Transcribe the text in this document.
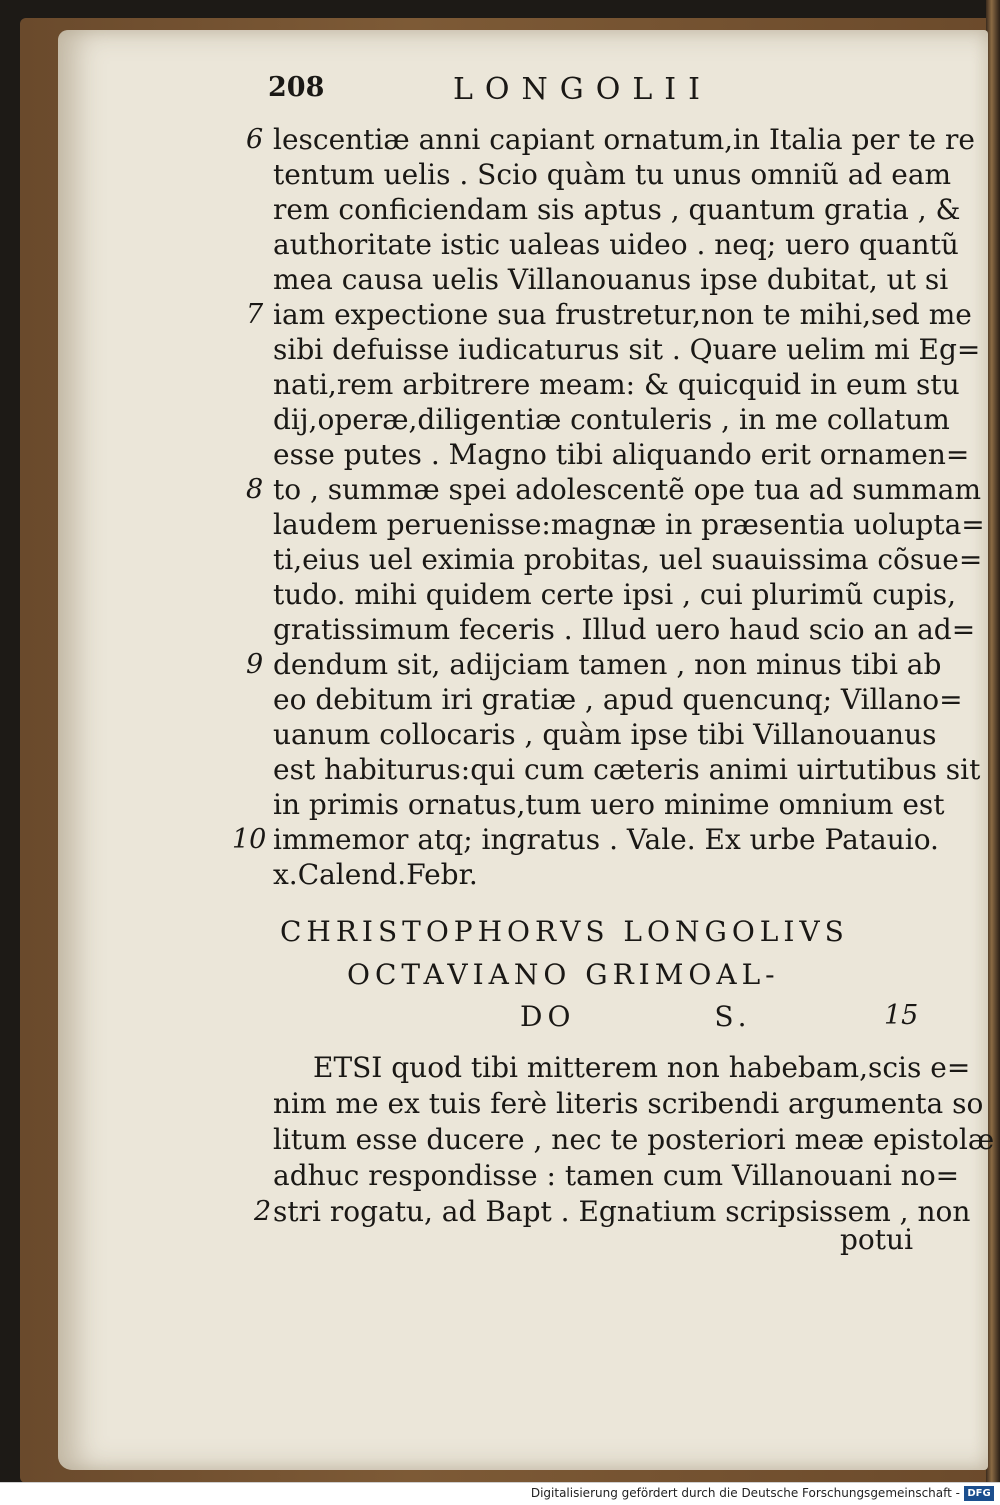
208	LONGOLII
lescentiæ anni capiant ornatum,in Italia per te re
tentum uelis . Scio quàm tu unus omniũ ad eam
rem conficiendam sis aptus , quantum gratia , &
authoritate istic ualeas uideo . neq; uero quantũ
mea causa uelis Villanouanus ipse dubitat, ut si
iam expectione sua frustretur,non te mihi,sed me
sibi defuisse iudicaturus sit . Quare uelim mi Eg=
nati,rem arbitrere meam: & quicquid in eum stu
dij,operæ,diligentiæ contuleris , in me collatum
esse putes . Magno tibi aliquando erit ornamen=
to , summæ spei adolescentẽ ope tua ad summam
laudem peruenisse:magnæ in præsentia uolupta=
ti,eius uel eximia probitas, uel suauissima cõsue=
tudo. mihi quidem certe ipsi , cui plurimũ cupis,
gratissimum feceris . Illud uero haud scio an ad=
dendum sit, adijciam tamen , non minus tibi ab
eo debitum iri gratiæ , apud quencunq; Villano=
uanum collocaris , quàm ipse tibi Villanouanus
est habiturus:qui cum cæteris animi uirtutibus sit
in primis ornatus,tum uero minime omnium est
immemor atq; ingratus . Vale. Ex urbe Patauio.
x.Calend.Febr.
6
7
8
9
10
CHRISTOPHORVS LONGOLIVS
OCTAVIANO GRIMOAL-
DO          S.	15
ETSI quod tibi mitterem non habebam,scis e=
nim me ex tuis ferè literis scribendi argumenta so
litum esse ducere , nec te posteriori meæ epistolæ
adhuc respondisse : tamen cum Villanouani no=
stri rogatu, ad Bapt . Egnatium scripsissem , non
2
potui
Digitalisierung gefördert durch die Deutsche Forschungsgemeinschaft - DFG
